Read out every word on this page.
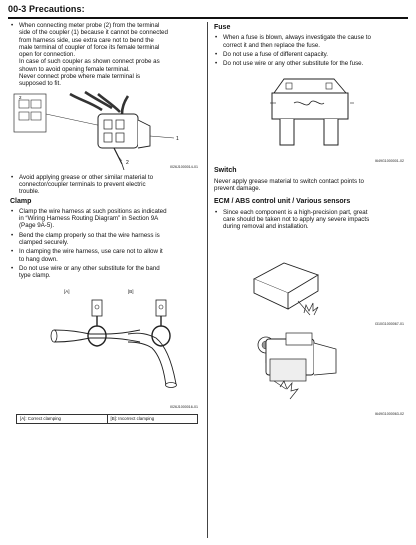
00-3 Precautions:
• When connecting meter probe (2) from the terminal
side of the coupler (1) because it cannot be connected
from harness side, use extra care not to bend the
male terminal of coupler of force its female terminal
open for connection.
In case of such coupler as shown connect probe as
shown to avoid opening female terminal.
Never connect probe where male terminal is
supposed to fit.
1
2
2
I026J1000014-01
• Avoid applying grease or other similar material to
connector/coupler terminals to prevent electric
trouble.
Clamp
• Clamp the wire harness at such positions as indicated
in “Wiring Harness Routing Diagram” in Section 9A
(Page 9A-5).
• Bend the clamp properly so that the wire harness is
clamped securely.
• In clamping the wire harness, use care not to allow it
to hang down.
• Do not use wire or any other substitute for the band
type clamp.
[A]	[B]
I026J1000016-01
[A]: Correct clamping	[B]: Incorrect clamping
Fuse
• When a fuse is blown, always investigate the cause to
correct it and then replace the fuse.
• Do not use a fuse of different capacity.
• Do not use wire or any other substitute for the fuse.
I649G1000001-02
Switch
Never apply grease material to switch contact points to
prevent damage.
ECM / ABS control unit / Various sensors
• Since each component is a high-precision part, great
care should be taken not to apply any severe impacts
during removal and installation.
I310G1000067-01
I649G1000063-02
